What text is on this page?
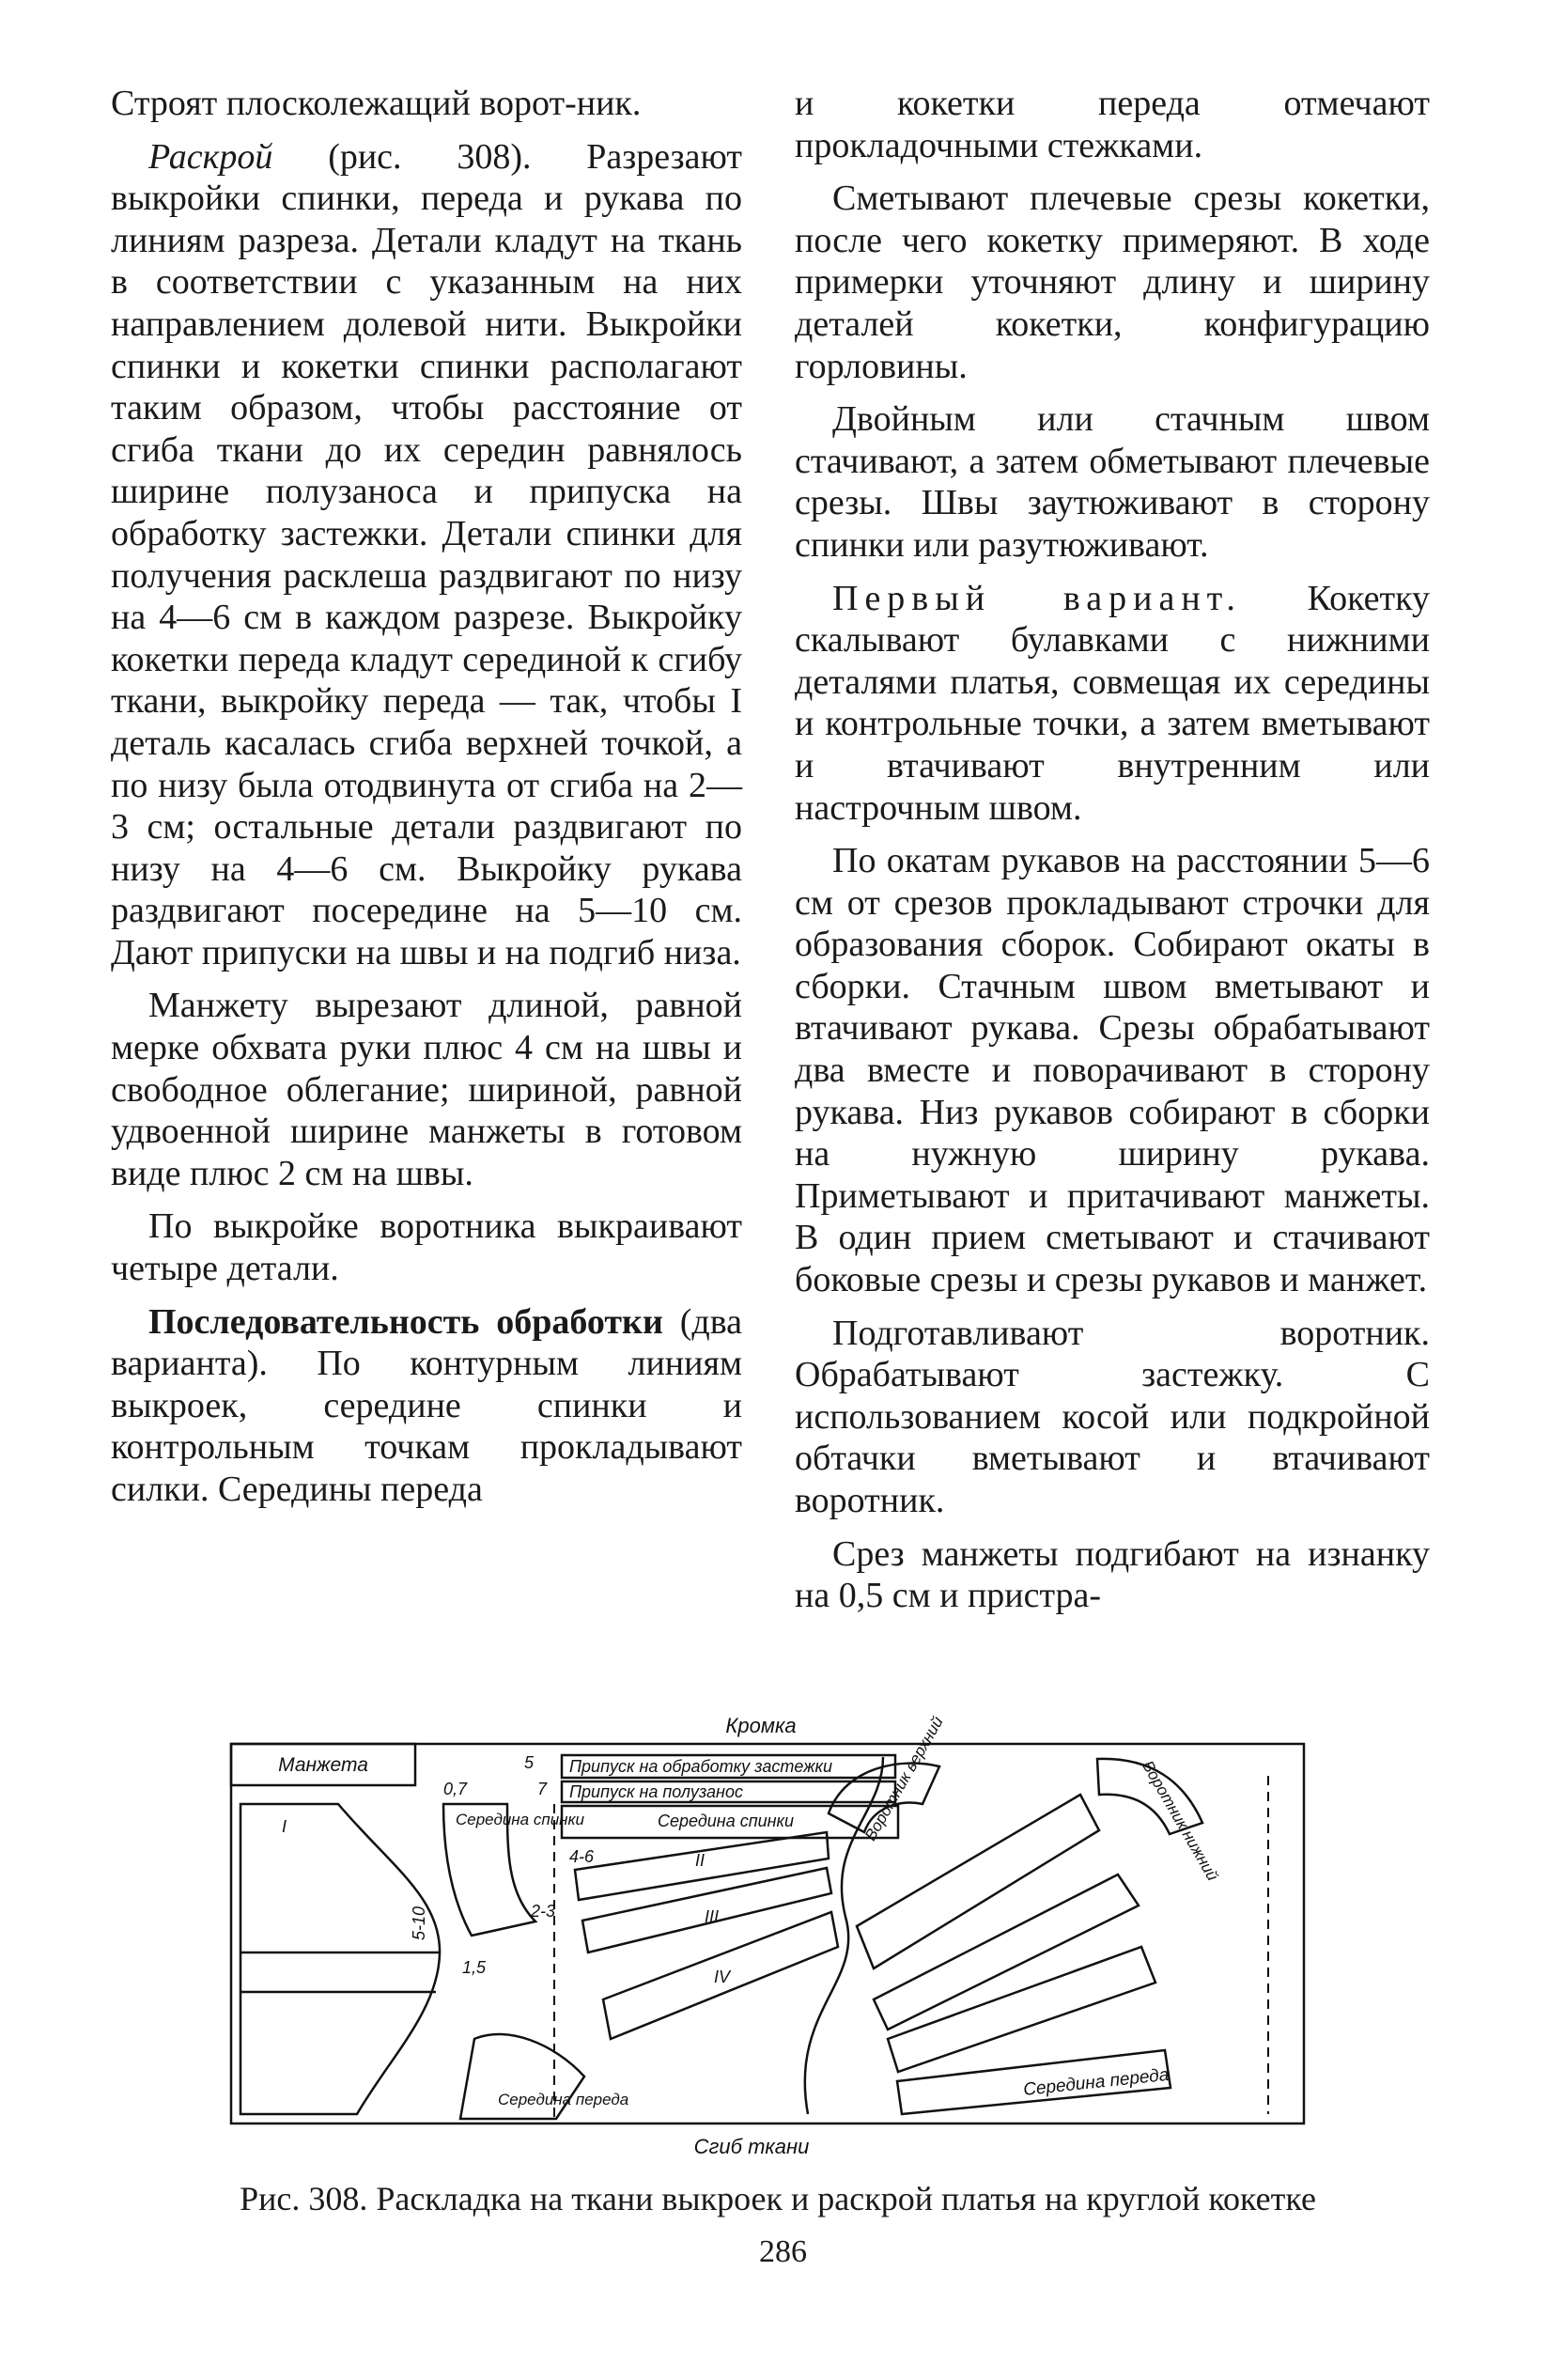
Строят плосколежащий ворот-ник.

Раскрой (рис. 308). Разрезают выкройки спинки, переда и рукава по линиям разреза. Детали кладут на ткань в соответствии с указанным на них направлением долевой нити. Выкройки спинки и кокетки спинки располагают таким образом, чтобы расстояние от сгиба ткани до их середин равнялось ширине полузаноса и припуска на обработку застежки. Детали спинки для получения расклеша раздвигают по низу на 4—6 см в каждом разрезе. Выкройку кокетки переда кладут серединой к сгибу ткани, выкройку переда — так, чтобы I деталь касалась сгиба верхней точкой, а по низу была отодвинута от сгиба на 2—3 см; остальные детали раздвигают по низу на 4—6 см. Выкройку рукава раздвигают посередине на 5—10 см. Дают припуски на швы и на подгиб низа.

Манжету вырезают длиной, равной мерке обхвата руки плюс 4 см на швы и свободное облегание; шириной, равной удвоенной ширине манжеты в готовом виде плюс 2 см на швы.

По выкройке воротника выкраивают четыре детали.

Последовательность обработки (два варианта). По контурным линиям выкроек, середине спинки и контрольным точкам прокладывают силки. Середины переда

и кокетки переда отмечают прокладочными стежками.

Сметывают плечевые срезы кокетки, после чего кокетку примеряют. В ходе примерки уточняют длину и ширину деталей кокетки, конфигурацию горловины.

Двойным или стачным швом стачивают, а затем обметывают плечевые срезы. Швы заутюживают в сторону спинки или разутюживают.

Первый вариант. Кокетку скалывают булавками с нижними деталями платья, совмещая их середины и контрольные точки, а затем вметывают и втачивают внутренним или настрочным швом.

По окатам рукавов на расстоянии 5—6 см от срезов прокладывают строчки для образования сборок. Собирают окаты в сборки. Стачным швом вметывают и втачивают рукава. Срезы обрабатывают два вместе и поворачивают в сторону рукава. Низ рукавов собирают в сборки на нужную ширину рукава. Приметывают и притачивают манжеты. В один прием сметывают и стачивают боковые срезы и срезы рукавов и манжет.

Подготавливают воротник. Обрабатывают застежку. С использованием косой или подкройной обтачки вметывают и втачивают воротник.

Срез манжеты подгибают на изнанку на 0,5 см и пристра-

Кромка
Сгиб ткани
Манжета
Середина спинки
Середина переда
Припуск на обработку застежки
Припуск на полузанос
Середина спинки	Воротник верхний	Воротник нижний
Середина переда
5
7
0,7
4-6
2-3
1,5
5-10
I
II
III
IV
Рис. 308. Раскладка на ткани выкроек и раскрой платья на круглой кокетке
286
